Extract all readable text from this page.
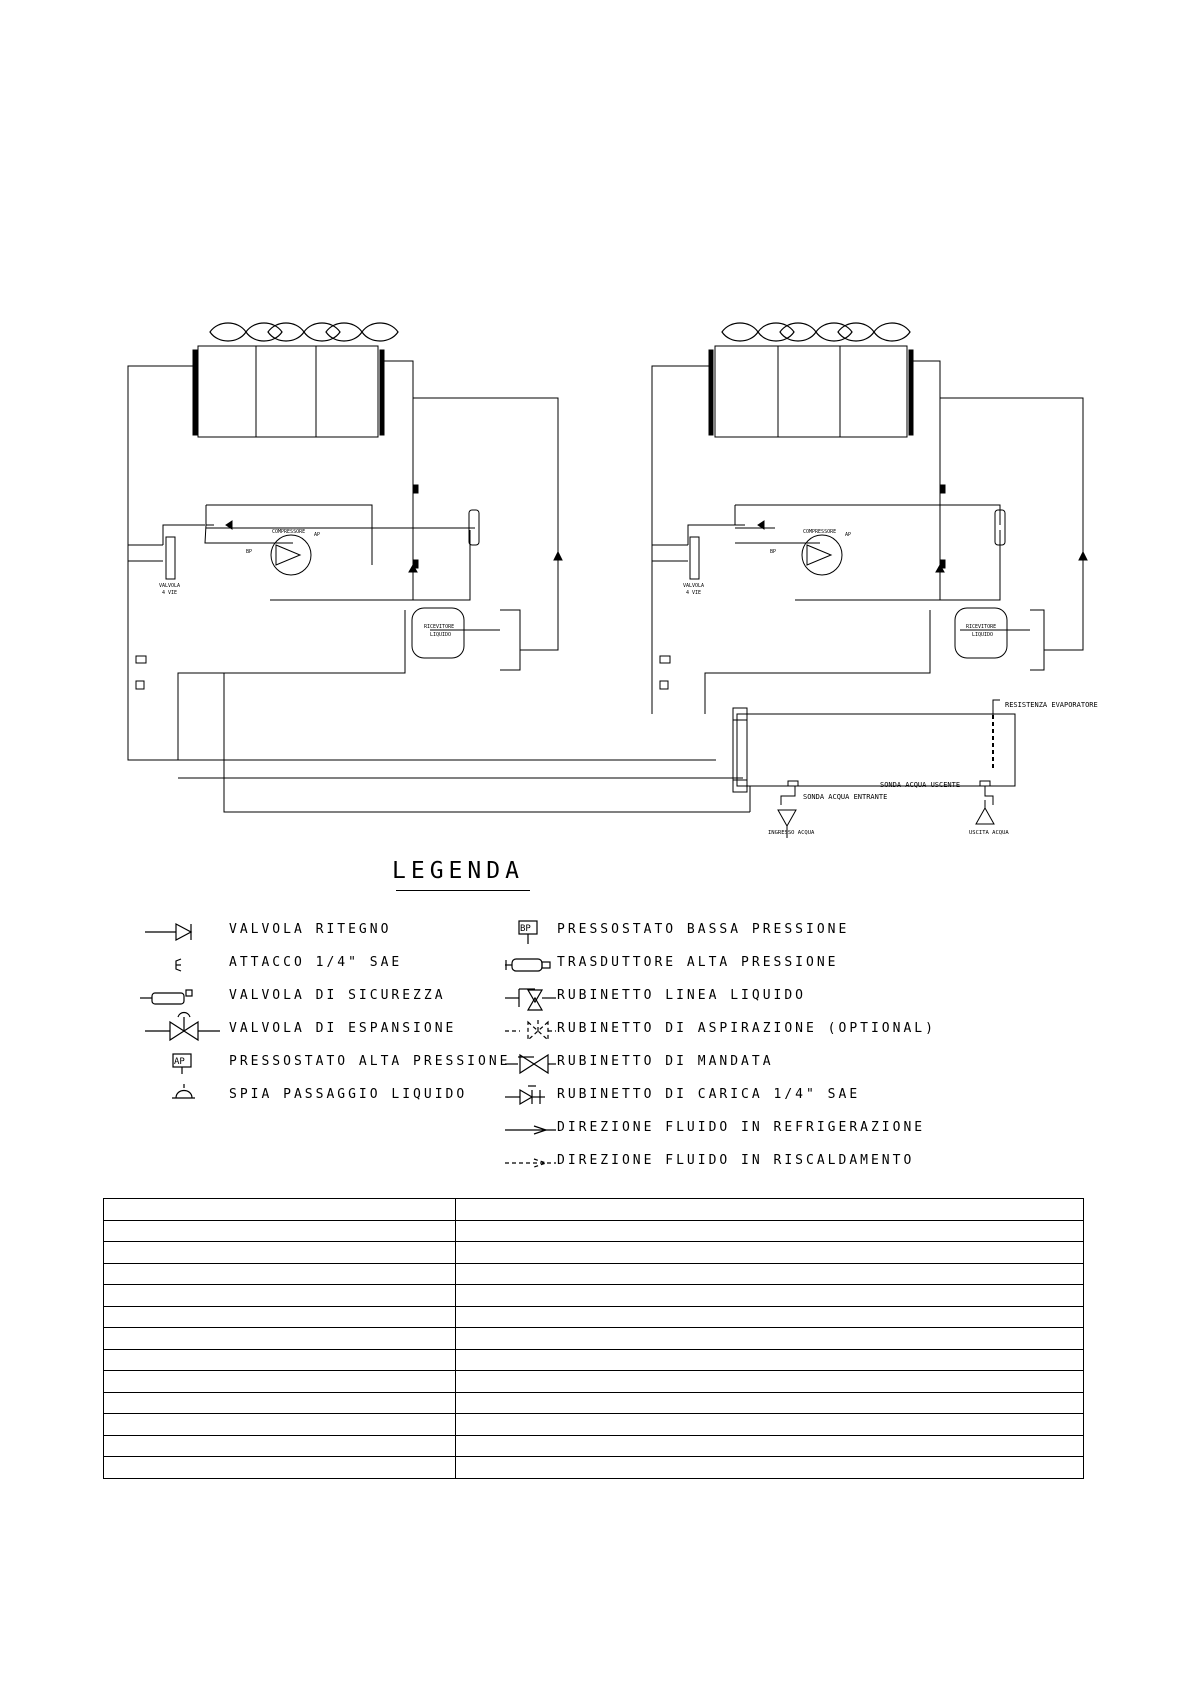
COMPRESSORE
RICEVITORE
LIQUIDO
VALVOLA
4 VIE
BP
AP	COMPRESSORE
RICEVITORE
LIQUIDO
VALVOLA
4 VIE
BP
AP
RESISTENZA EVAPORATORE
SONDA ACQUA USCENTE
SONDA ACQUA ENTRANTE
INGRESSO ACQUA	USCITA ACQUA
AP
BP
LEGENDA
VALVOLA RITEGNO
ATTACCO 1/4" SAE
VALVOLA DI SICUREZZA
VALVOLA DI ESPANSIONE
PRESSOSTATO ALTA PRESSIONE
SPIA PASSAGGIO LIQUIDO
PRESSOSTATO BASSA PRESSIONE
TRASDUTTORE ALTA PRESSIONE
RUBINETTO LINEA LIQUIDO
RUBINETTO DI ASPIRAZIONE (OPTIONAL)
RUBINETTO DI MANDATA
RUBINETTO DI CARICA 1/4" SAE
DIREZIONE FLUIDO IN REFRIGERAZIONE
DIREZIONE FLUIDO IN RISCALDAMENTO
